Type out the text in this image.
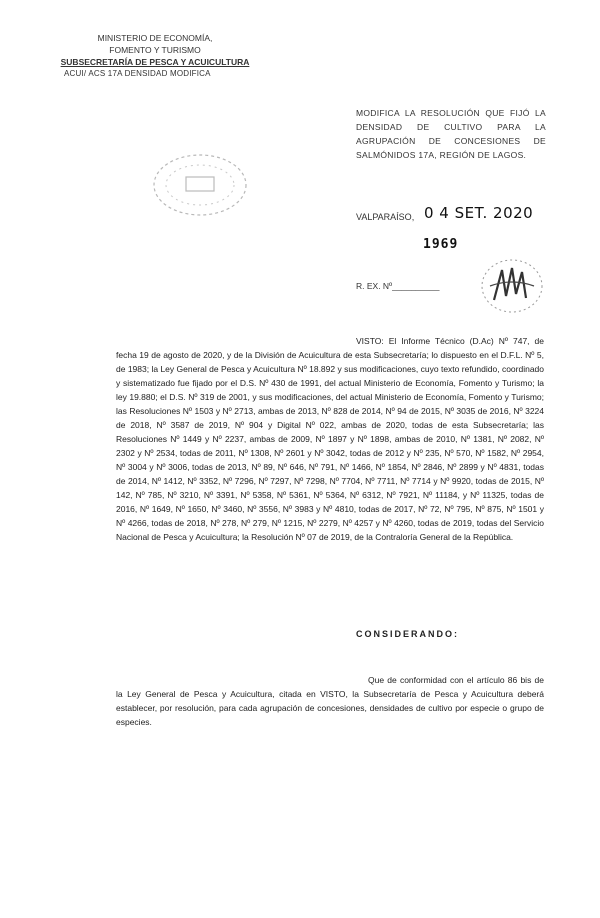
MINISTERIO DE ECONOMÍA,
FOMENTO Y TURISMO
SUBSECRETARÍA DE PESCA Y ACUICULTURA
ACUI/ ACS 17A DENSIDAD MODIFICA
MODIFICA LA RESOLUCIÓN QUE FIJÓ LA DENSIDAD DE CULTIVO PARA LA AGRUPACIÓN DE CONCESIONES DE SALMÓNIDOS 17A, REGIÓN DE LAGOS.
VALPARAÍSO, 0 4 SET. 2020
1969
R. EX. Nº__________
VISTO: El Informe Técnico (D.Ac) Nº 747, de fecha 19 de agosto de 2020, y de la División de Acuicultura de esta Subsecretaría; lo dispuesto en el D.F.L. Nº 5, de 1983; la Ley General de Pesca y Acuicultura Nº 18.892 y sus modificaciones, cuyo texto refundido, coordinado y sistematizado fue fijado por el D.S. Nº 430 de 1991, del actual Ministerio de Economía, Fomento y Turismo; la ley 19.880; el D.S. Nº 319 de 2001, y sus modificaciones, del actual Ministerio de Economía, Fomento y Turismo; las Resoluciones Nº 1503 y Nº 2713, ambas de 2013, Nº 828 de 2014, Nº 94 de 2015, Nº 3035 de 2016, Nº 3224 de 2018, Nº 3587 de 2019, Nº 904 y Digital Nº 022, ambas de 2020, todas de esta Subsecretaría; las Resoluciones Nº 1449 y Nº 2237, ambas de 2009, Nº 1897 y Nº 1898, ambas de 2010, Nº 1381, Nº 2082, Nº 2302 y Nº 2534, todas de 2011, Nº 1308, Nº 2601 y Nº 3042, todas de 2012 y Nº 235, Nº 570, Nº 1582, Nº 2954, Nº 3004 y Nº 3006, todas de 2013, Nº 89, Nº 646, Nº 791, Nº 1466, Nº 1854, Nº 2846, Nº 2899 y Nº 4831, todas de 2014, Nº 1412, Nº 3352, Nº 7296, Nº 7297, Nº 7298, Nº 7704, Nº 7711, Nº 7714 y Nº 9920, todas de 2015, Nº 142, Nº 785, Nº 3210, Nº 3391, Nº 5358, Nº 5361, Nº 5364, Nº 6312, Nº 7921, Nº 11184, y Nº 11325, todas de 2016, Nº 1649, Nº 1650, Nº 3460, Nº 3556, Nº 3983 y Nº 4810, todas de 2017, Nº 72, Nº 795, Nº 875, Nº 1501 y Nº 4266, todas de 2018, Nº 278, Nº 279, Nº 1215, Nº 2279, Nº 4257 y Nº 4260, todas de 2019, todas del Servicio Nacional de Pesca y Acuicultura; la Resolución Nº 07 de 2019, de la Contraloría General de la República.
CONSIDERANDO:
Que de conformidad con el artículo 86 bis de la Ley General de Pesca y Acuicultura, citada en VISTO, la Subsecretaría de Pesca y Acuicultura deberá establecer, por resolución, para cada agrupación de concesiones, densidades de cultivo por especie o grupo de especies.
